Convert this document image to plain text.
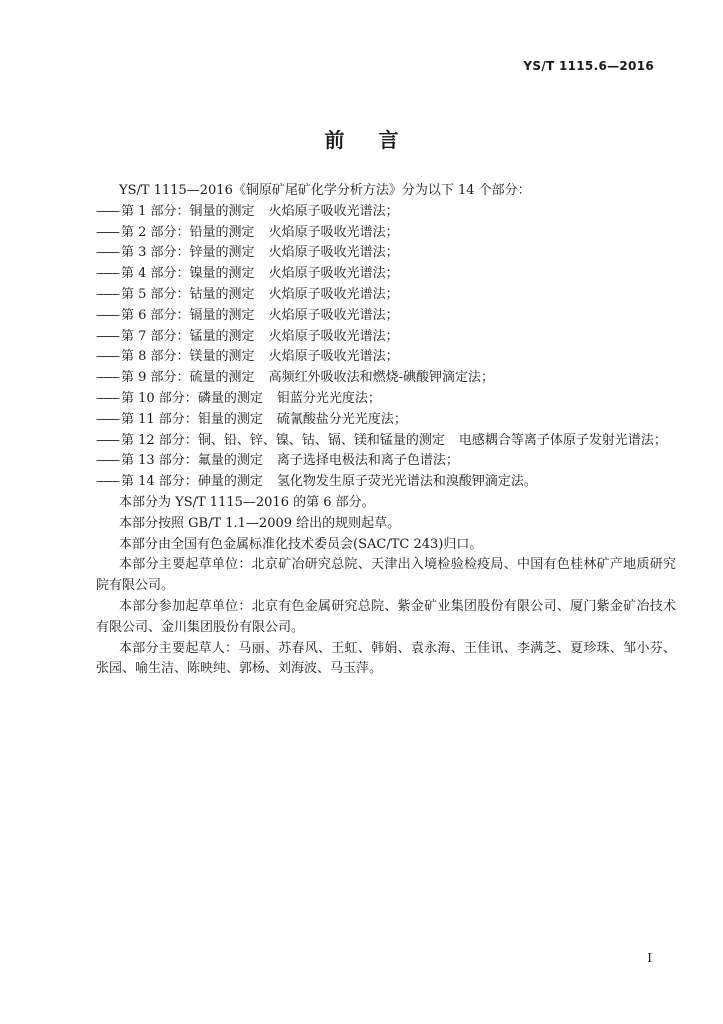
YS/T 1115.6—2016
前言
YS/T 1115—2016《铜原矿尾矿化学分析方法》分为以下 14 个部分：
—— 第 1 部分：铜量的测定 火焰原子吸收光谱法；
—— 第 2 部分：铅量的测定 火焰原子吸收光谱法；
—— 第 3 部分：锌量的测定 火焰原子吸收光谱法；
—— 第 4 部分：镍量的测定 火焰原子吸收光谱法；
—— 第 5 部分：钴量的测定 火焰原子吸收光谱法；
—— 第 6 部分：镉量的测定 火焰原子吸收光谱法；
—— 第 7 部分：锰量的测定 火焰原子吸收光谱法；
—— 第 8 部分：镁量的测定 火焰原子吸收光谱法；
—— 第 9 部分：硫量的测定 高频红外吸收法和燃烧-碘酸钾滴定法；
—— 第 10 部分：磷量的测定 钼蓝分光光度法；
—— 第 11 部分：钼量的测定 硫氰酸盐分光光度法；
—— 第 12 部分：铜、铅、锌、镍、钴、镉、镁和锰量的测定 电感耦合等离子体原子发射光谱法；
—— 第 13 部分：氟量的测定 离子选择电极法和离子色谱法；
—— 第 14 部分：砷量的测定 氢化物发生原子荧光光谱法和溴酸钾滴定法。
本部分为 YS/T 1115—2016 的第 6 部分。
本部分按照 GB/T 1.1—2009 给出的规则起草。
本部分由全国有色金属标准化技术委员会(SAC/TC 243)归口。
本部分主要起草单位：北京矿冶研究总院、天津出入境检验检疫局、中国有色桂林矿产地质研究院有限公司。
本部分参加起草单位：北京有色金属研究总院、紫金矿业集团股份有限公司、厦门紫金矿冶技术有限公司、金川集团股份有限公司。
本部分主要起草人：马丽、苏春风、王虹、韩娟、袁永海、王佳讯、李满芝、夏珍珠、邹小芬、张园、喻生洁、陈映纯、郭杨、刘海波、马玉萍。
I
